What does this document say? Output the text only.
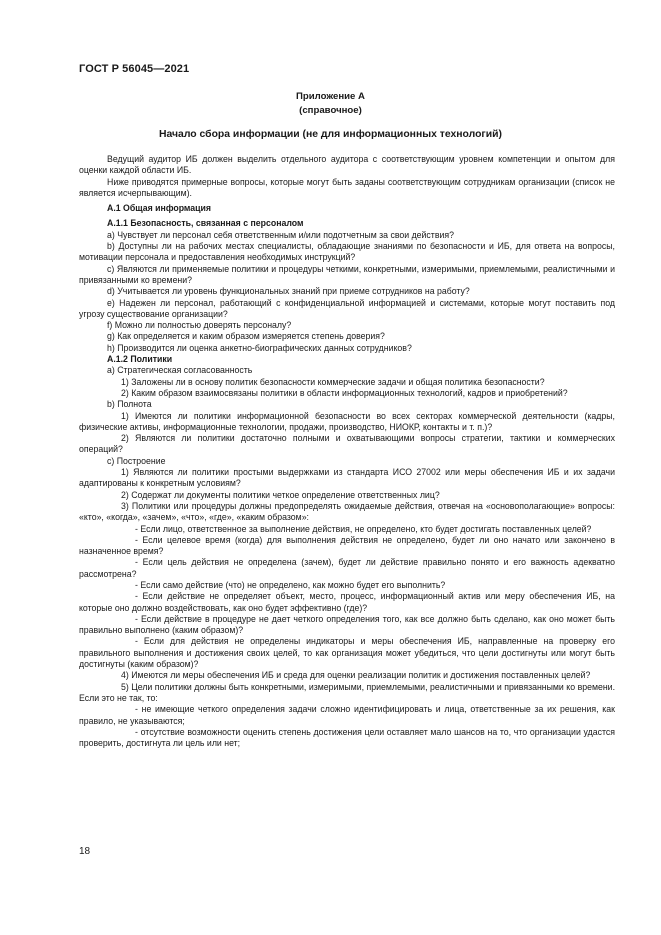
ГОСТ Р 56045—2021
Приложение А
(справочное)
Начало сбора информации (не для информационных технологий)

Ведущий аудитор ИБ должен выделить отдельного аудитора с соответствующим уровнем компетенции и опытом для оценки каждой области ИБ.

Ниже приводятся примерные вопросы, которые могут быть заданы соответствующим сотрудникам организации (список не является исчерпывающим).

А.1 Общая информация

А.1.1 Безопасность, связанная с персоналом

a) Чувствует ли персонал себя ответственным и/или подотчетным за свои действия?

b) Доступны ли на рабочих местах специалисты, обладающие знаниями по безопасности и ИБ, для ответа на вопросы, мотивации персонала и предоставления необходимых инструкций?

c) Являются ли применяемые политики и процедуры четкими, конкретными, измеримыми, приемлемыми, реалистичными и привязанными ко времени?

d) Учитывается ли уровень функциональных знаний при приеме сотрудников на работу?

e) Надежен ли персонал, работающий с конфиденциальной информацией и системами, которые могут поставить под угрозу существование организации?

f) Можно ли полностью доверять персоналу?

g) Как определяется и каким образом измеряется степень доверия?

h) Производится ли оценка анкетно-биографических данных сотрудников?

А.1.2 Политики

a) Стратегическая согласованность

1) Заложены ли в основу политик безопасности коммерческие задачи и общая политика безопасности?

2) Каким образом взаимосвязаны политики в области информационных технологий, кадров и приобретений?

b) Полнота

1) Имеются ли политики информационной безопасности во всех секторах коммерческой деятельности (кадры, физические активы, информационные технологии, продажи, производство, НИОКР, контакты и т. п.)?

2) Являются ли политики достаточно полными и охватывающими вопросы стратегии, тактики и коммерческих операций?

c) Построение

1) Являются ли политики простыми выдержками из стандарта ИСО 27002 или меры обеспечения ИБ и их задачи адаптированы к конкретным условиям?

2) Содержат ли документы политики четкое определение ответственных лиц?

3) Политики или процедуры должны предопределять ожидаемые действия, отвечая на «основополагающие» вопросы: «кто», «когда», «зачем», «что», «где», «каким образом»:

- Если лицо, ответственное за выполнение действия, не определено, кто будет достигать поставленных целей?

- Если целевое время (когда) для выполнения действия не определено, будет ли оно начато или закончено в назначенное время?

- Если цель действия не определена (зачем), будет ли действие правильно понято и его важность адекватно рассмотрена?

- Если само действие (что) не определено, как можно будет его выполнить?

- Если действие не определяет объект, место, процесс, информационный актив или меру обеспечения ИБ, на которые оно должно воздействовать, как оно будет эффективно (где)?

- Если действие в процедуре не дает четкого определения того, как все должно быть сделано, как оно может быть правильно выполнено (каким образом)?

- Если для действия не определены индикаторы и меры обеспечения ИБ, направленные на проверку его правильного выполнения и достижения своих целей, то как организация может убедиться, что цели достигнуты или могут быть достигнуты (каким образом)?

4) Имеются ли меры обеспечения ИБ и среда для оценки реализации политик и достижения поставленных целей?

5) Цели политики должны быть конкретными, измеримыми, приемлемыми, реалистичными и привязанными ко времени. Если это не так, то:

- не имеющие четкого определения задачи сложно идентифицировать и лица, ответственные за их решения, как правило, не указываются;

- отсутствие возможности оценить степень достижения цели оставляет мало шансов на то, что организации удастся проверить, достигнута ли цель или нет;

18
